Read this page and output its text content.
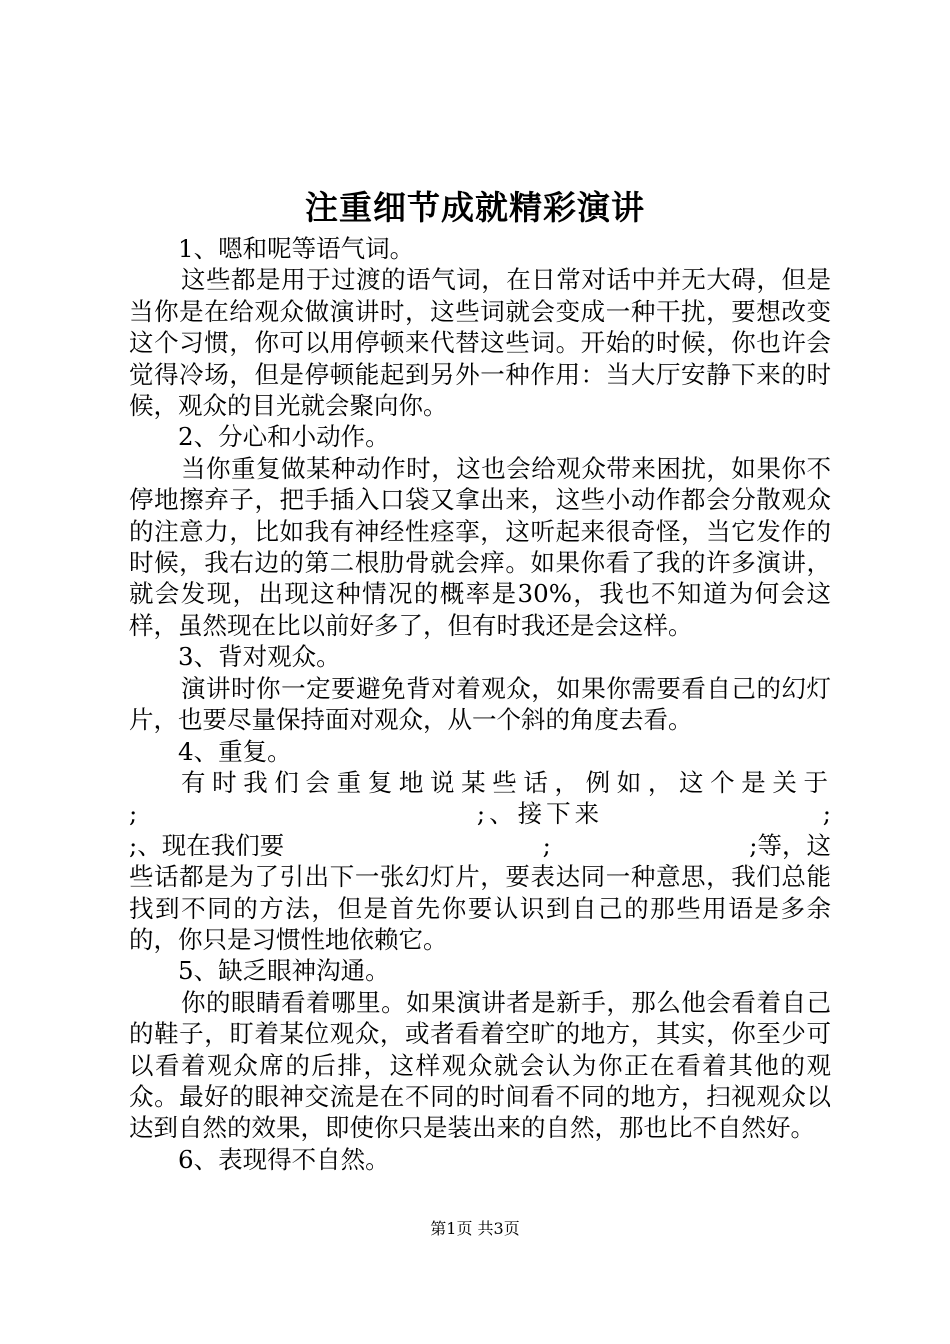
注重细节成就精彩演讲

1、嗯和呢等语气词。

这些都是用于过渡的语气词，在日常对话中并无大碍，但是当你是在给观众做演讲时，这些词就会变成一种干扰，要想改变这个习惯，你可以用停顿来代替这些词。开始的时候，你也许会觉得冷场，但是停顿能起到另外一种作用：当大厅安静下来的时候，观众的目光就会聚向你。

2、分心和小动作。

当你重复做某种动作时，这也会给观众带来困扰，如果你不停地擦弃子，把手插入口袋又拿出来，这些小动作都会分散观众的注意力，比如我有神经性痉挛，这听起来很奇怪，当它发作的时候，我右边的第二根肋骨就会痒。如果你看了我的许多演讲，就会发现，出现这种情况的概率是30%，我也不知道为何会这样，虽然现在比以前好多了，但有时我还是会这样。

3、背对观众。

演讲时你一定要避免背对着观众，如果你需要看自己的幻灯片，也要尽量保持面对观众，从一个斜的角度去看。

4、重复。

有时我们会重复地说某些话，例如，这个是关于

;	;、接下来	;
;、现在我们要	;	;等，这

些话都是为了引出下一张幻灯片，要表达同一种意思，我们总能找到不同的方法，但是首先你要认识到自己的那些用语是多余的，你只是习惯性地依赖它。

5、缺乏眼神沟通。

你的眼睛看着哪里。如果演讲者是新手，那么他会看着自己的鞋子，盯着某位观众，或者看着空旷的地方，其实，你至少可以看着观众席的后排，这样观众就会认为你正在看着其他的观众。最好的眼神交流是在不同的时间看不同的地方，扫视观众以达到自然的效果，即使你只是装出来的自然，那也比不自然好。

6、表现得不自然。

第1页 共3页
